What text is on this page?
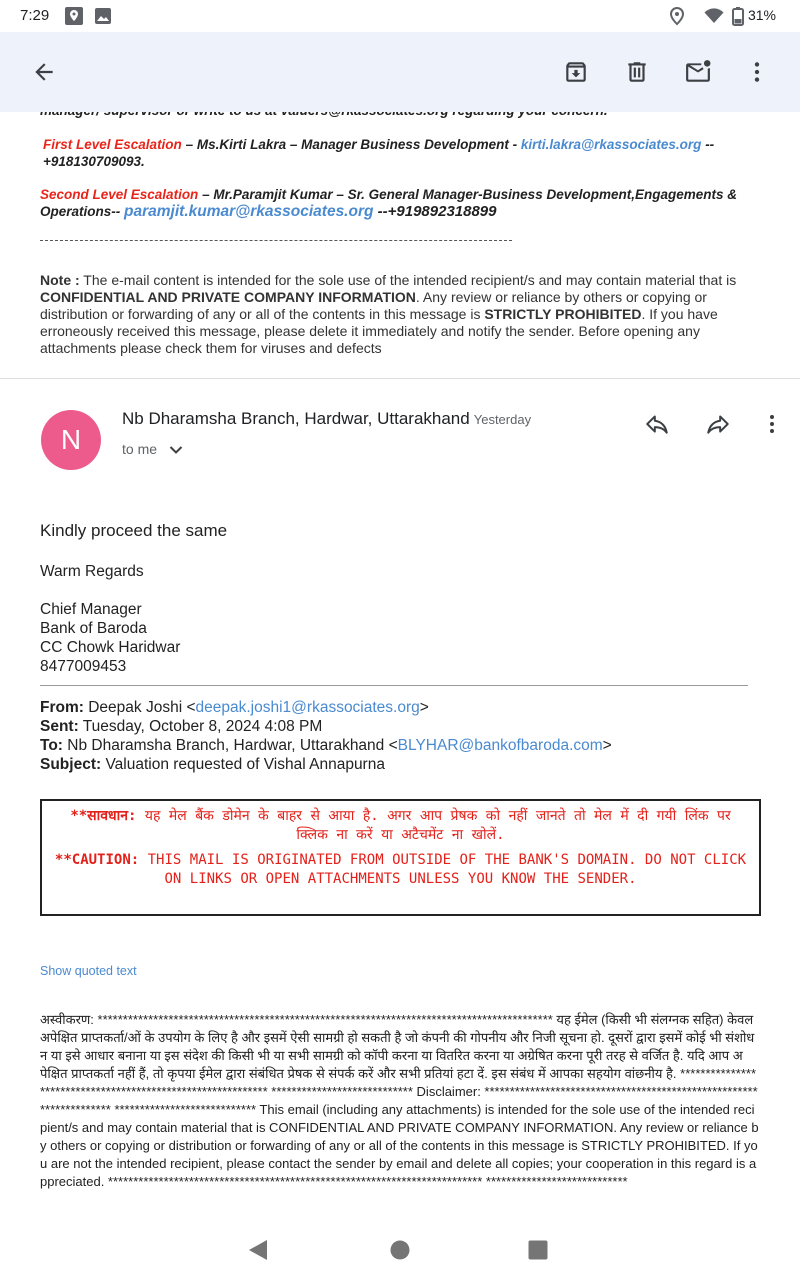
7:29	31%
First Level Escalation – Ms.Kirti Lakra – Manager Business Development - kirti.lakra@rkassociates.org --
+918130709093.
Second Level Escalation – Mr.Paramjit Kumar – Sr. General Manager-Business Development,Engagements &
Operations-- paramjit.kumar@rkassociates.org --+919892318899
Note : The e-mail content is intended for the sole use of the intended recipient/s and may contain material that is CONFIDENTIAL AND PRIVATE COMPANY INFORMATION. Any review or reliance by others or copying or distribution or forwarding of any or all of the contents in this message is STRICTLY PROHIBITED. If you have erroneously received this message, please delete it immediately and notify the sender. Before opening any attachments please check them for viruses and defects
N
Nb Dharamsha Branch, Hardwar, Uttarakhand Yesterday
to me
Kindly proceed the same
Warm Regards
Chief Manager
Bank of Baroda
CC Chowk Haridwar
8477009453
From: Deepak Joshi <deepak.joshi1@rkassociates.org>
Sent: Tuesday, October 8, 2024 4:08 PM
To: Nb Dharamsha Branch, Hardwar, Uttarakhand <BLYHAR@bankofbaroda.com>
Subject: Valuation requested of Vishal Annapurna
**सावधान: यह मेल बैंक डोमेन के बाहर से आया है. अगर आप प्रेषक को नहीं जानते तो मेल में दी गयी लिंक पर क्लिक ना करें या अटैचमेंट ना खोलें.
**CAUTION: THIS MAIL IS ORIGINATED FROM OUTSIDE OF THE BANK'S DOMAIN. DO NOT CLICK ON LINKS OR OPEN ATTACHMENTS UNLESS YOU KNOW THE SENDER.
Show quoted text
अस्वीकरण: ****************************************************************************************** यह ईमेल (किसी भी संलग्नक सहित) केवल अपेक्षित प्राप्तकर्ता/ओं के उपयोग के लिए है और इसमें ऐसी सामग्री हो सकती है जो कंपनी की गोपनीय और निजी सूचना हो. दूसरों द्वारा इसमें कोई भी संशोधन या इसे आधार बनाना या इस संदेश की किसी भी या सभी सामग्री को कॉपी करना या वितरित करना या अग्रेषित करना पूरी तरह से वर्जित है. यदि आप अपेक्षित प्राप्तकर्ता नहीं हैं, तो कृपया ईमेल द्वारा संबंधित प्रेषक से संपर्क करें और सभी प्रतियां हटा दें. इस संबंध में आपका सहयोग वांछनीय है. ************************************************************ **************************** Disclaimer: ******************************************************************** **************************** This email (including any attachments) is intended for the sole use of the intended recipient/s and may contain material that is CONFIDENTIAL AND PRIVATE COMPANY INFORMATION. Any review or reliance by others or copying or distribution or forwarding of any or all of the contents in this message is STRICTLY PROHIBITED. If you are not the intended recipient, please contact the sender by email and delete all copies; your cooperation in this regard is appreciated. ************************************************************************** ****************************
